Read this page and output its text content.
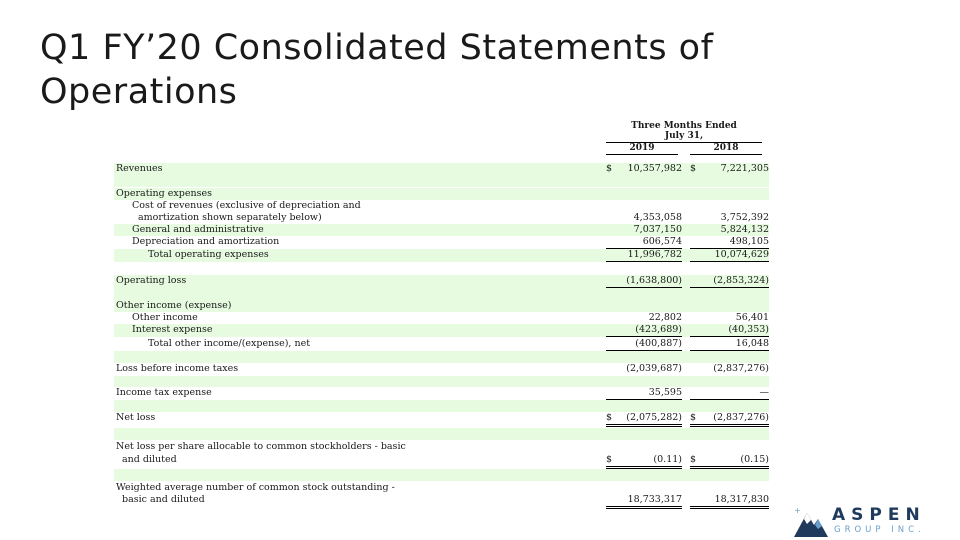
Q1 FY’20 Consolidated Statements of Operations
Three Months Ended
July 31,
2019	2018
Revenues	$	10,357,982 $	7,221,305
Operating expenses
Cost of revenues (exclusive of depreciation and
amortization shown separately below)	4,353,058	3,752,392
General and administrative	7,037,150	5,824,132
Depreciation and amortization	606,574	498,105
Total operating expenses	11,996,782	10,074,629
Operating loss	(1,638,800)	(2,853,324)
Other income (expense)
Other income	22,802	56,401
Interest expense	(423,689)	(40,353)
Total other income/(expense), net	(400,887)	16,048
Loss before income taxes	(2,039,687)	(2,837,276)
Income tax expense	35,595	—
Net loss	$	(2,075,282) $	(2,837,276)
Net loss per share allocable to common stockholders - basic
and diluted	$	(0.11) $	(0.15)
Weighted average number of common stock outstanding -
basic and diluted	18,733,317	18,317,830
+ ASPEN
GROUP INC.
